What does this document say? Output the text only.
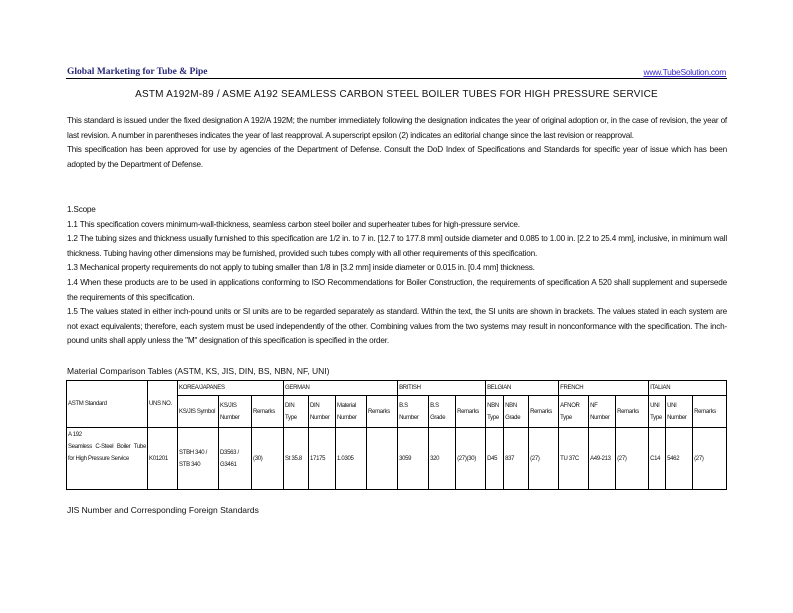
Global Marketing for Tube & Pipe	www.TubeSolution.com
ASTM A192M-89 / ASME A192 SEAMLESS CARBON STEEL BOILER TUBES FOR HIGH PRESSURE SERVICE

This standard is issued under the fixed designation A 192/A 192M; the number immediately following the designation indicates the year of original adoption or, in the case of revision, the year of last revision. A number in parentheses indicates the year of last reapproval. A superscript epsilon (2) indicates an editorial change since the last revision or reapproval.

This specification has been approved for use by agencies of the Department of Defense. Consult the DoD Index of Specifications and Standards for specific year of issue which has been adopted by the Department of Defense.

1.Scope

1.1 This specification covers minimum-wall-thickness, seamless carbon steel boiler and superheater tubes for high-pressure service.

1.2 The tubing sizes and thickness usually furnished to this specification are 1/2 in. to 7 in. [12.7 to 177.8 mm] outside diameter and 0.085 to 1.00 in. [2.2 to 25.4 mm], inclusive, in minimum wall thickness. Tubing having other dimensions may be furnished, provided such tubes comply with all other requirements of this specification.

1.3 Mechanical property requirements do not apply to tubing smaller than 1/8 in [3.2 mm] inside diameter or 0.015 in. [0.4 mm] thickness.

1.4 When these products are to be used in applications conforming to ISO Recommendations for Boiler Construction, the requirements of specification A 520 shall supplement and supersede the requirements of this specification.

1.5 The values stated in either inch-pound units or SI units are to be regarded separately as standard. Within the text, the SI units are shown in brackets. The values stated in each system are not exact equivalents; therefore, each system must be used independently of the other. Combining values from the two systems may result in nonconformance with the specification. The inch-pound units shall apply unless the "M" designation of this specification is specified in the order.

Material Comparison Tables (ASTM, KS, JIS, DIN, BS, NBN, NF, UNI)
ASTM Standard	UNS NO.	KOREA/JAPANES			GERMAN				BRITISH			BELGIAN			FRENCH			ITALIAN		
		KS/JIS Symbol	KS/JIS Number	Remarks	DIN Type	DIN Number	Material Number	Remarks	B.S Number	B.S Grade	Remarks	NBN Type	NBN Grade	Remarks	AFNOR Type	NF Number	Remarks	UNI Type	UNI Number	Remarks

A 192
Seamless C-Steel Boiler Tube for High Pressure Service	K01201	STBH 340 / STB 340	D3563 / G3461	(30)	St 35.8	17175	1.0305		3059	320	(27)(30)	D45	837	(27)	TU 37C	A49-213	(27)	C14	5462	(27)
JIS Number and Corresponding Foreign Standards
